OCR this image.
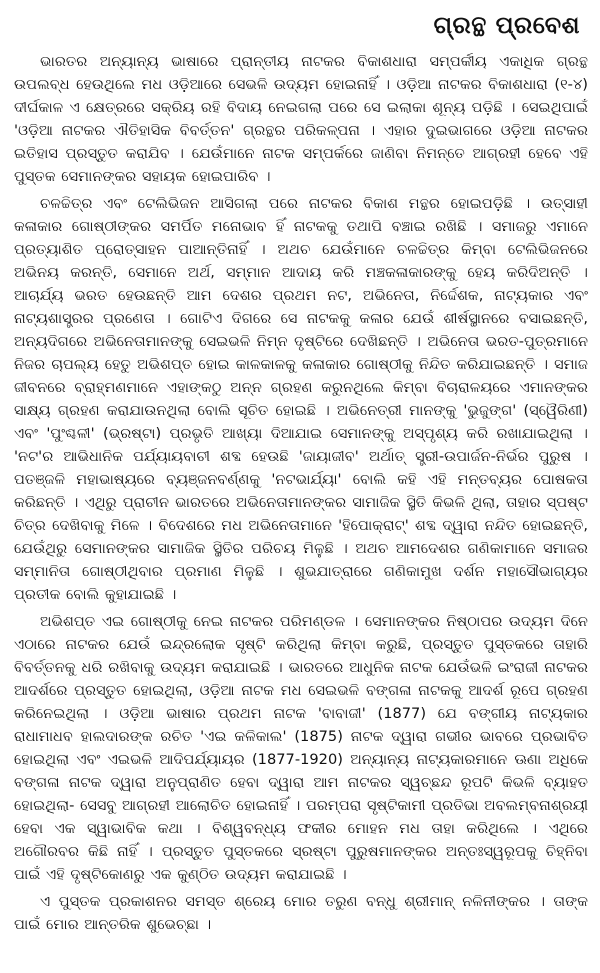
ଗ୍ରନ୍ଥ ପ୍ରବେଶ

ଭାରତର ଅନ୍ୟାନ୍ୟ ଭାଷାରେ ପ୍ରାନ୍ତୀୟ ନାଟକର ବିକାଶଧାରା ସମ୍ପର୍କୀୟ ଏକାଧିକ ଗ୍ରନ୍ଥ ଉପଲବ୍ଧ ହେଉଥିଲେ ମଧ ଓଡ଼ିଆରେ ସେଭଳି ଉଦ୍ୟମ ହୋଇନାହିଁ । ଓଡ଼ିଆ ନାଟକର ବିକାଶଧାରା (୧-୪) ଦୀର୍ଘକାଳ ଏ କ୍ଷେତ୍ରରେ ସକ୍ରିୟ ରହି ବିଦାୟ ନେଇଗଲା ପରେ ସେ ଇଲାକା ଶୂନ୍ୟ ପଡ଼ିଛି । ସେଇଥିପାଇଁ 'ଓଡ଼ିଆ ନାଟକର ଐତିହାସିକ ବିବର୍ତ୍ତନ' ଗ୍ରନ୍ଥର ପରିକଳ୍ପନା । ଏହାର ଦୁଇଭାଗରେ ଓଡ଼ିଆ ନାଟକର ଇତିହାସ ପ୍ରସ୍ତୁତ କରାଯିବ । ଯେଉଁମାନେ ନାଟକ ସମ୍ପର୍କରେ ଜାଣିବା ନିମନ୍ତେ ଆଗ୍ରହୀ ହେବେ ଏହି ପୁସ୍ତକ ସେମାନଙ୍କର ସହାୟକ ହୋଇପାରିବ ।

ଚଳଚ୍ଚିତ୍ର ଏବଂ ଟେଲିଭିଜନ ଆସିଗଲା ପରେ ନାଟକର ବିକାଶ ମନ୍ଥର ହୋଇପଡ଼ିଛି । ଉତ୍ସାହୀ କଳାକାର ଗୋଷ୍ଠୀଙ୍କର ସମର୍ପିତ ମନୋଭାବ ହିଁ ନାଟକକୁ ତଥାପି ବଞ୍ଚାଇ ରଖିଛି । ସମାଜରୁ ଏମାନେ ପ୍ରତ୍ୟାଶିତ ପ୍ରୋତ୍ସାହନ ପାଆନ୍ତିନାହିଁ । ଅଥଚ ଯେଉଁମାନେ ଚଳଚ୍ଚିତ୍ର କିମ୍ବା ଟେଲିଭିଜନରେ ଅଭିନୟ କରନ୍ତି, ସେମାନେ ଅର୍ଥ, ସମ୍ମାନ ଆଦାୟ କରି ମଞ୍ଚକଳାକାରଙ୍କୁ ହେୟ କରିଦିଅନ୍ତି । ଆଚାର୍ଯ୍ୟ ଭରତ ହେଉଛନ୍ତି ଆମ ଦେଶର ପ୍ରଥମ ନଟ, ଅଭିନେତା, ନିର୍ଦ୍ଦେଶକ, ନାଟ୍ୟକାର ଏବଂ ନାଟ୍ୟଶାସ୍ତ୍ରର ପ୍ରଣେତା । ଗୋଟିଏ ଦିଗରେ ସେ ନାଟକକୁ କଳାର ଯେଉଁ ଶୀର୍ଷସ୍ଥାନରେ ବସାଇଛନ୍ତି, ଅନ୍ୟଦିଗରେ ଅଭିନେତାମାନଙ୍କୁ ସେଇଭଳି ନିମ୍ନ ଦୃଷ୍ଟିରେ ଦେଖିଛନ୍ତି । ଅଭିନେତା ଭରତ-ପୁତ୍ରମାନେ ନିଜର ଚାପଲ୍ୟ ହେତୁ ଅଭିଶପ୍ତ ହୋଇ କାଳକାଳକୁ କଳାକାର ଗୋଷ୍ଠୀକୁ ନିନ୍ଦିତ କରିଯାଇଛନ୍ତି । ସମାଜ ଜୀବନରେ ବ୍ରାହ୍ମଣମାନେ ଏହାଙ୍କଠୁ ଅନ୍ନ ଗ୍ରହଣ କରୁନଥିଲେ କିମ୍ବା ବିଚାରାଳୟରେ ଏମାନଙ୍କର ସାକ୍ଷ୍ୟ ଗ୍ରହଣ କରାଯାଉନଥିଲା ବୋଲି ସୂଚିତ ହୋଇଛି । ଅଭିନେତ୍ରୀ ମାନଙ୍କୁ 'ଭୁଜୁଙ୍ଗ' (ସ୍ୱୈରିଣୀ) ଏବଂ 'ପୁଂଶ୍ଚଳୀ' (ଭ୍ରଷ୍ଟା) ପ୍ରଭୃତି ଆଖ୍ୟା ଦିଆଯାଇ ସେମାନଙ୍କୁ ଅସ୍ପୃଶ୍ୟ କରି ରଖାଯାଇଥିଲା । 'ନଟ'ର ଆଭିଧାନିକ ପର୍ଯ୍ୟାୟବାଚୀ ଶବ୍ଦ ହେଉଛି 'ଜାୟାଜୀବ' ଅର୍ଥାତ୍ ସ୍ତ୍ରୀ-ଉପାର୍ଜନ-ନିର୍ଭର ପୁରୁଷ । ପତଞ୍ଜଳି ମହାଭାଷ୍ୟରେ ବ୍ୟଞ୍ଜନବର୍ଣ୍ଣକୁ 'ନଟଭାର୍ଯ୍ୟା' ବୋଲି କହି ଏହି ମନ୍ତବ୍ୟର ପୋଷକତା କରିଛନ୍ତି । ଏଥିରୁ ପ୍ରାଚୀନ ଭାରତରେ ଅଭିନେତାମାନଙ୍କର ସାମାଜିକ ସ୍ଥିତି କିଭଳି ଥିଲା, ତାହାର ସ୍ପଷ୍ଟ ଚିତ୍ର ଦେଖିବାକୁ ମିଳେ । ବିଦେଶରେ ମଧ ଅଭିନେତାମାନେ 'ହିପୋକ୍ରାଟ୍' ଶବ୍ଦ ଦ୍ୱାରା ନନ୍ଦିତ ହୋଇଛନ୍ତି, ଯେଉଁଥିରୁ ସେମାନଙ୍କର ସାମାଜିକ ସ୍ଥିତିର ପରିଚୟ ମିଳୁଛି । ଅଥଚ ଆମଦେଶର ଗଣିକାମାନେ ସମାଜର ସମ୍ମାନିତା ଗୋଷ୍ଠୀଥିବାର ପ୍ରମାଣ ମିଳୁଛି । ଶୁଭଯାତ୍ରାରେ ଗଣିକାମୁଖ ଦର୍ଶନ ମହାସୌଭାଗ୍ୟର ପ୍ରତୀକ ବୋଲି କୁହାଯାଇଛି ।

ଅଭିଶପ୍ତ ଏଇ ଗୋଷ୍ଠୀକୁ ନେଇ ନାଟକର ପରିମଣ୍ଡଳ । ସେମାନଙ୍କର ନିଷ୍ଠାପର ଉଦ୍ୟମ ଦିନେ ଏଠାରେ ନାଟକର ଯେଉଁ ଇନ୍ଦ୍ରଲୋକ ସୃଷ୍ଟି କରିଥିଲା କିମ୍ବା କରୁଛି, ପ୍ରସ୍ତୁତ ପୁସ୍ତକରେ ତାହାରି ବିବର୍ତ୍ତନକୁ ଧରି ରଖିବାକୁ ଉଦ୍ୟମ କରାଯାଇଛି । ଭାରତରେ ଆଧୁନିକ ନାଟକ ଯେଉଁଭଳି ଇଂରାଜୀ ନାଟକର ଆଦର୍ଶରେ ପ୍ରସ୍ତୁତ ହୋଇଥିଲା, ଓଡ଼ିଆ ନାଟକ ମଧ ସେଇଭଳି ବଙ୍ଗଳା ନାଟକକୁ ଆଦର୍ଶ ରୂପେ ଗ୍ରହଣ କରିନେଇଥିଲା । ଓଡ଼ିଆ ଭାଷାର ପ୍ରଥମ ନାଟକ 'ବାବାଜୀ' (1877) ଯେ ବଙ୍ଗୀୟ ନାଟ୍ୟକାର ରାଧାମାଧବ ହାଲଦାରଙ୍କ ରଚିତ 'ଏଇ କଳିକାଲ' (1875) ନାଟକ ଦ୍ୱାରା ଗଭୀର ଭାବରେ ପ୍ରଭାବିତ ହୋଇଥିଲା ଏବଂ ଏଇଭଳି ଆଦିପର୍ଯ୍ୟାୟର (1877-1920) ଅନ୍ୟାନ୍ୟ ନାଟ୍ୟକାରମାନେ ଊଣା ଅଧିକେ ବଙ୍ଗଳା ନାଟକ ଦ୍ୱାରା ଅନୁପ୍ରାଣିତ ହେବା ଦ୍ୱାରା ଆମ ନାଟକର ସ୍ୱଚ୍ଛନ୍ଦ ରୂପଟି କିଭଳି ବ୍ୟାହତ ହୋଇଥିଲା- ସେସବୁ ଆଗ୍ରହୀ ଆଲୋଚିତ ହୋଇନାହିଁ । ପରମ୍ପରା ସୃଷ୍ଟିକାମୀ ପ୍ରତିଭା ଅବଲମ୍ବନାଶ୍ରୟୀ ହେବା ଏକ ସ୍ୱାଭାବିକ କଥା । ବିଶ୍ୱବନ୍ଧ୍ୟ ଫକୀର ମୋହନ ମଧ ତାହା କରିଥିଲେ । ଏଥିରେ ଅଗୌରବର କିଛି ନାହିଁ । ପ୍ରସ୍ତୁତ ପୁସ୍ତକରେ ସ୍ରଷ୍ଟା ପୁରୁଷମାନଙ୍କର ଅନ୍ତଃସ୍ୱରୂପକୁ ଚିହ୍ନିବା ପାଇଁ ଏହି ଦୃଷ୍ଟିକୋଣରୁ ଏକ କୁଣ୍ଠିତ ଉଦ୍ୟମ କରାଯାଇଛି ।

ଏ ପୁସ୍ତକ ପ୍ରକାଶନର ସମସ୍ତ ଶ୍ରେୟ ମୋର ତରୁଣ ବନ୍ଧୁ ଶ୍ରୀମାନ୍ ନଳିନୀଙ୍କର । ତାଙ୍କ ପାଇଁ ମୋର ଆନ୍ତରିକ ଶୁଭେଚ୍ଛା ।
